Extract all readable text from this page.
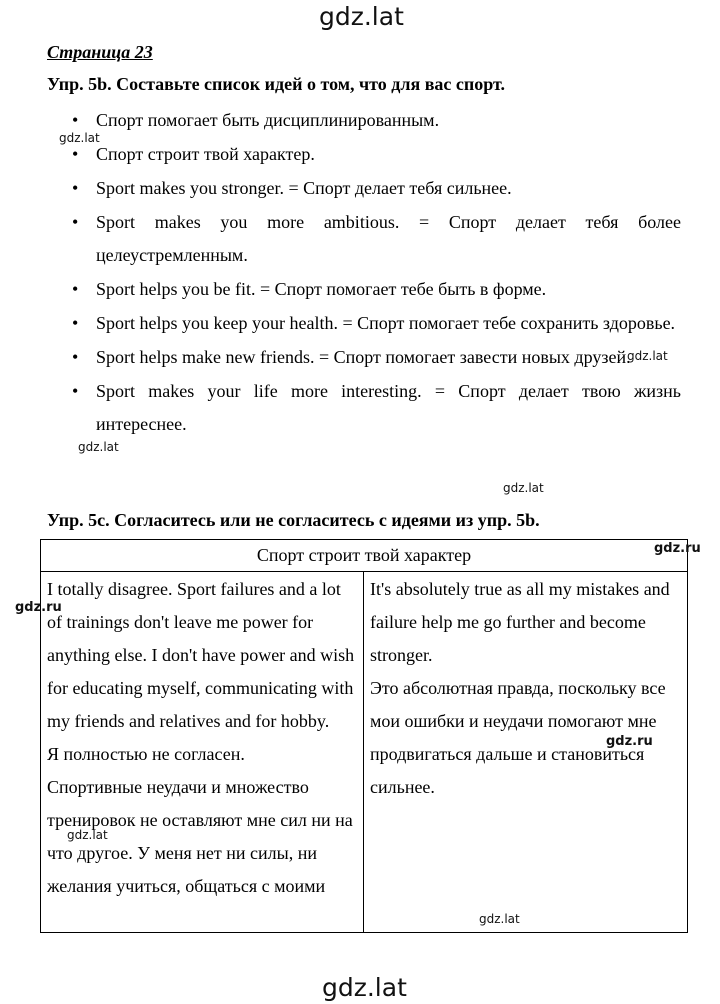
gdz.lat
Страница 23
Упр. 5b. Составьте список идей о том, что для вас спорт.
• Спорт помогает быть дисциплинированным.
• Спорт строит твой характер.
• Sport makes you stronger. = Спорт делает тебя сильнее.
• Sport makes you more ambitious. = Спорт делает тебя более целеустремленным.
• Sport helps you be fit. = Спорт помогает тебе быть в форме.
• Sport helps you keep your health. = Спорт помогает тебе сохранить здоровье.
• Sport helps make new friends. = Спорт помогает завести новых друзей.
• Sport makes your life more interesting. = Спорт делает твою жизнь интереснее.
Упр. 5с. Согласитесь или не согласитесь с идеями из упр. 5b.
Спорт строит твой характер

I totally disagree. Sport failures and a lot of trainings don't leave me power for anything else. I don't have power and wish for educating myself, communicating with my friends and relatives and for hobby.

Я полностью не согласен.

Спортивные неудачи и множество тренировок не оставляют мне сил ни на что другое. У меня нет ни силы, ни желания учиться, общаться с моими

It's absolutely true as all my mistakes and failure help me go further and become stronger.

Это абсолютная правда, поскольку все мои ошибки и неудачи помогают мне продвигаться дальше и становиться сильнее.

gdz.lat
gdz.lat
gdz.lat
gdz.lat
gdz.ru
gdz.ru
gdz.ru
gdz.lat
gdz.lat
gdz.lat
